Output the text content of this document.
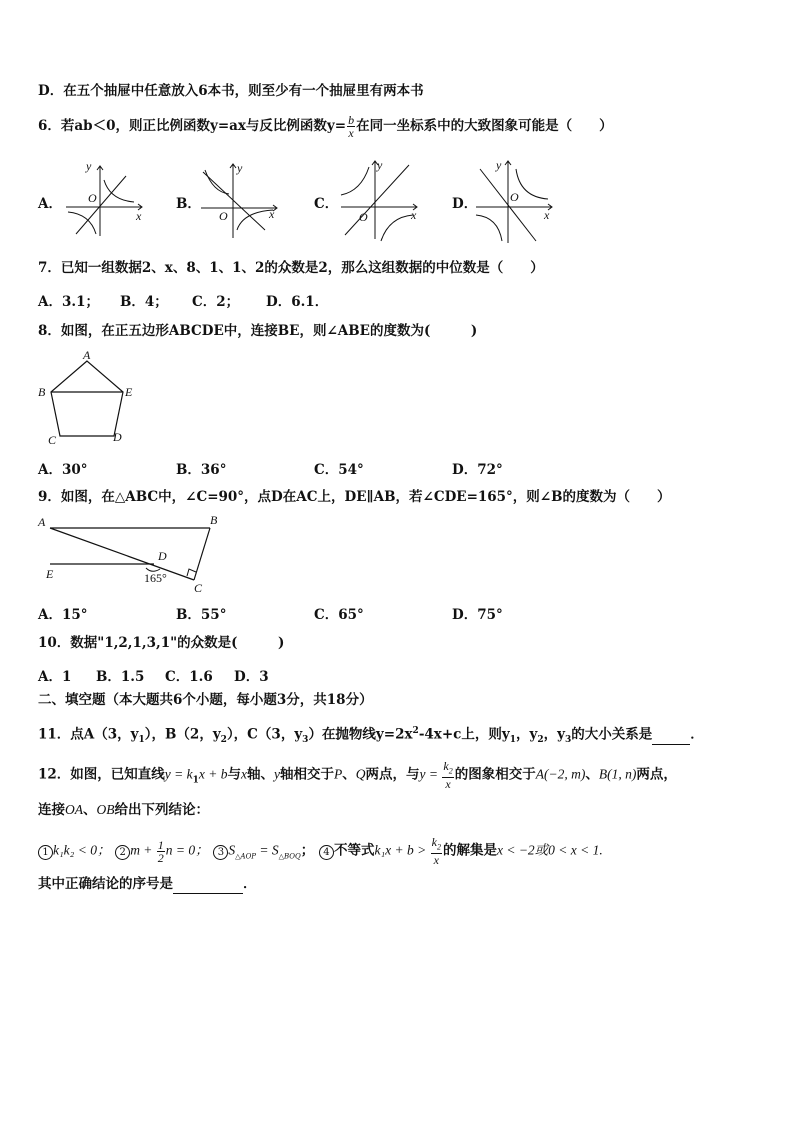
D．在五个抽屉中任意放入6本书，则至少有一个抽屉里有两本书
6．若ab＜0，则正比例函数y=ax与反比例函数$y= \frac{b}{x}$ 在同一坐标系中的大致图象可能是（　　）
A．	B．	C．	D．
y
O
x
y
O	x
y
O	x
y
O
x
7．已知一组数据2、x、8、1、1、2的众数是2，那么这组数据的中位数是（　　）
A．3.1； B．4； C．2； D．6.1．
8．如图，在正五边形ABCDE中，连接BE，则∠ABE的度数为(　　　)
A
B
C	D
E
A．30°	B．36°	C．54°	D．72°
9．如图，在△ABC中，∠C=90°，点D在AC上，DE∥AB，若∠CDE=165°，则∠B的度数为（　　）
A	B
D
E
C
165°
A．15°	B．55°	C．65°	D．75°
10．数据"1,2,1,3,1"的众数是(　　　)
A．1 B．1.5 C．1.6 D．3
二、填空题（本大题共6个小题，每小题3分，共18分）
11．点A（3，$y_1$），B（2，$y_2$），C（3，$y_3$）在抛物线$y=2x^2-4x+c$上，则$y_1$，$y_2$，$y_3$的大小关系是	．
12．如图，已知直线$y = k_1x + b$与x轴、y轴相交于P、Q两点，与$y = \frac{k_2}{x}$ 的图象相交于A(−2, m)、B(1, n)两点，
连接OA、OB给出下列结论：
1 k₁k₂ < 0； 2 $m + \frac{1}{2}$ n = 0； 3 $S_{\triangle AOP} = S_{\triangle BOQ}$； 4 不等式$k_1x + b > \frac{k_2}{x}$ 的解集是x < −2或0 < x < 1.
其中正确结论的序号是	．
